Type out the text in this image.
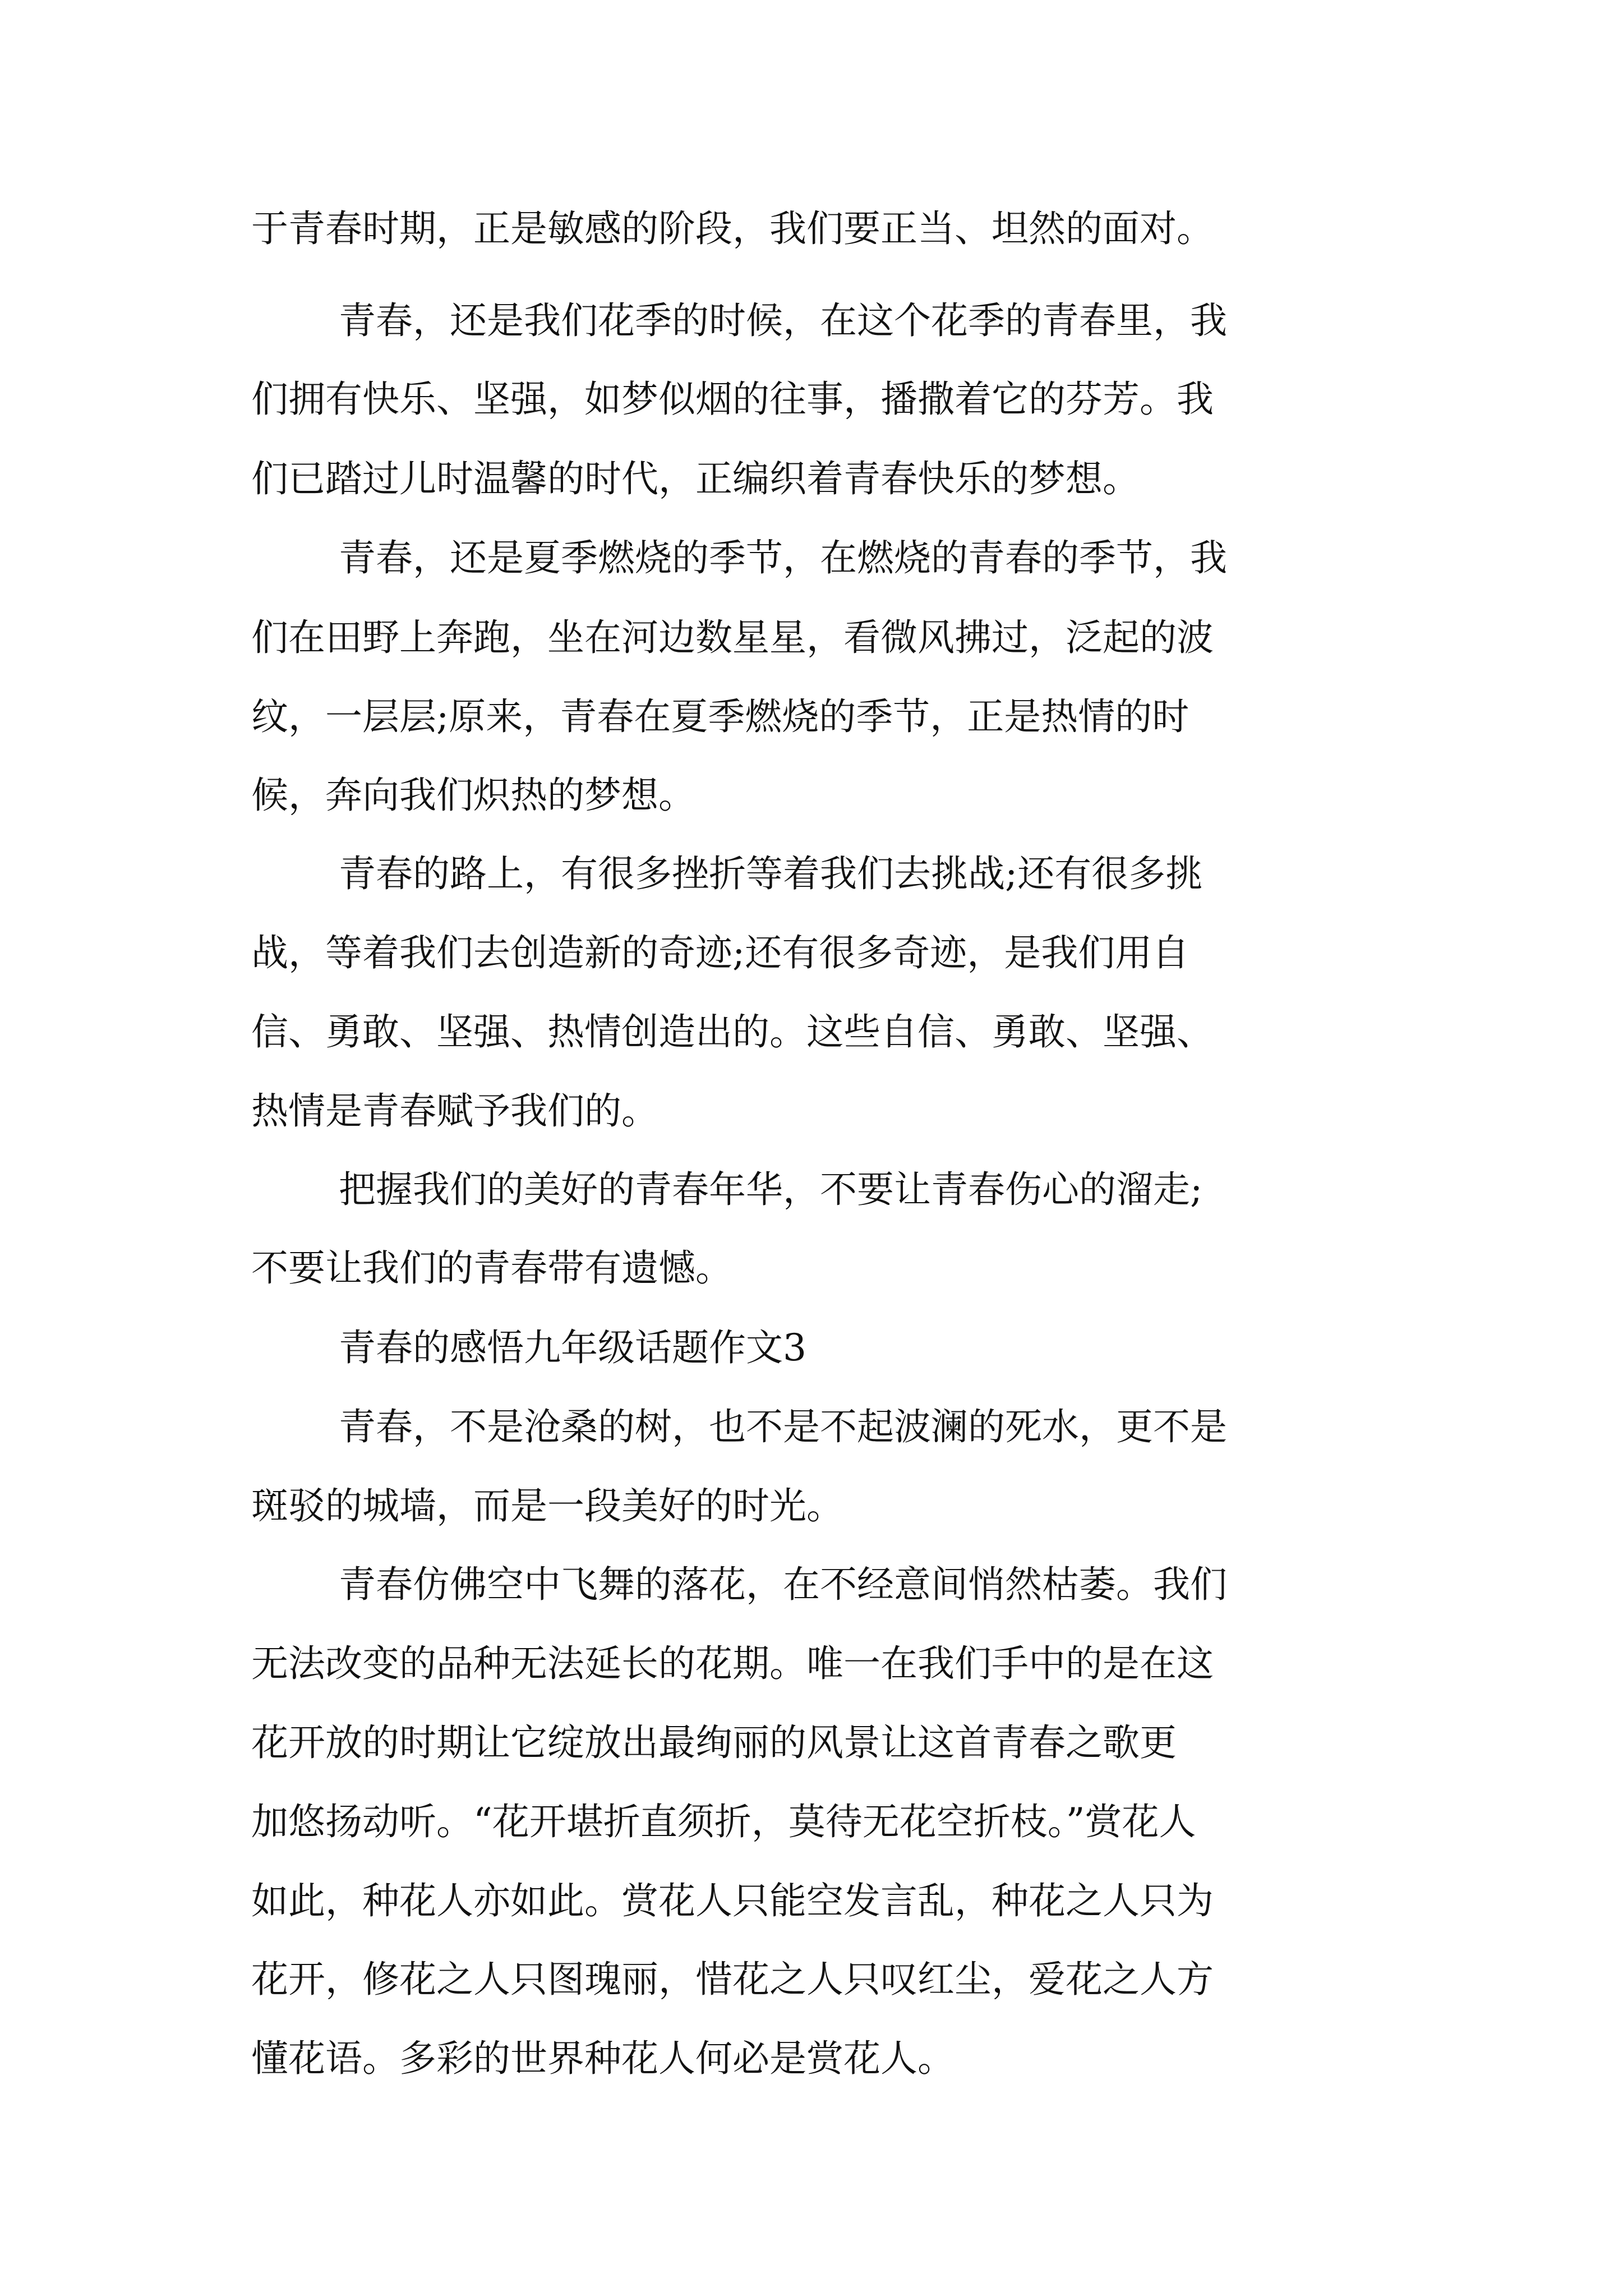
于青春时期，正是敏感的阶段，我们要正当、坦然的面对。

青春，还是我们花季的时候，在这个花季的青春里，我

们拥有快乐、坚强，如梦似烟的往事，播撒着它的芬芳。我

们已踏过儿时温馨的时代，正编织着青春快乐的梦想。

青春，还是夏季燃烧的季节，在燃烧的青春的季节，我

们在田野上奔跑，坐在河边数星星，看微风拂过，泛起的波

纹，一层层;原来，青春在夏季燃烧的季节，正是热情的时

候，奔向我们炽热的梦想。

青春的路上，有很多挫折等着我们去挑战;还有很多挑

战，等着我们去创造新的奇迹;还有很多奇迹，是我们用自

信、勇敢、坚强、热情创造出的。这些自信、勇敢、坚强、

热情是青春赋予我们的。

把握我们的美好的青春年华，不要让青春伤心的溜走;

不要让我们的青春带有遗憾。

青春的感悟九年级话题作文3

青春，不是沧桑的树，也不是不起波澜的死水，更不是

斑驳的城墙，而是一段美好的时光。

青春仿佛空中飞舞的落花，在不经意间悄然枯萎。我们

无法改变的品种无法延长的花期。唯一在我们手中的是在这

花开放的时期让它绽放出最绚丽的风景让这首青春之歌更

加悠扬动听。“花开堪折直须折，莫待无花空折枝。”赏花人

如此，种花人亦如此。赏花人只能空发言乱，种花之人只为

花开，修花之人只图瑰丽，惜花之人只叹红尘，爱花之人方

懂花语。多彩的世界种花人何必是赏花人。
